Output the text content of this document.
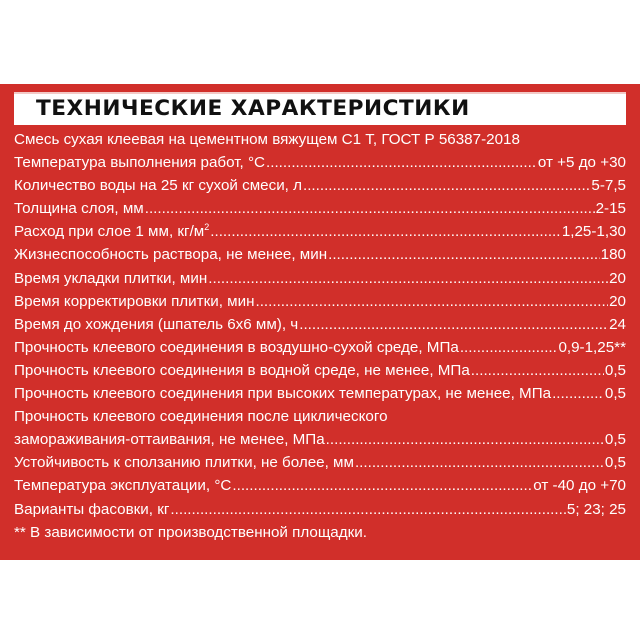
ТЕХНИЧЕСКИЕ ХАРАКТЕРИСТИКИ
Смесь сухая клеевая на цементном вяжущем С1 Т, ГОСТ Р 56387-2018
Температура выполнения работ, °С .....	от +5 до +30
Количество воды на 25 кг сухой смеси, л .....	5-7,5
Толщина слоя, мм .....	2-15
Расход при слое 1 мм, $кг/м^2$ .....	1,25-1,30
Жизнеспособность раствора, не менее, мин .....	180
Время укладки плитки, мин .....	20
Время корректировки плитки, мин .....	20
Время до хождения (шпатель 6х6 мм), ч .....	24
Прочность клеевого соединения в воздушно-сухой среде, МПа .....	0,9-1,25**
Прочность клеевого соединения в водной среде, не менее, МПа .....	0,5
Прочность клеевого соединения при высоких температурах, не менее, МПа .....	0,5
Прочность клеевого соединения после циклического
замораживания-оттаивания, не менее, МПа .....	0,5
Устойчивость к сползанию плитки, не более, мм .....	0,5
Температура эксплуатации, °С .....	от -40 до +70
Варианты фасовки, кг .....	5; 23; 25
** В зависимости от производственной площадки.
